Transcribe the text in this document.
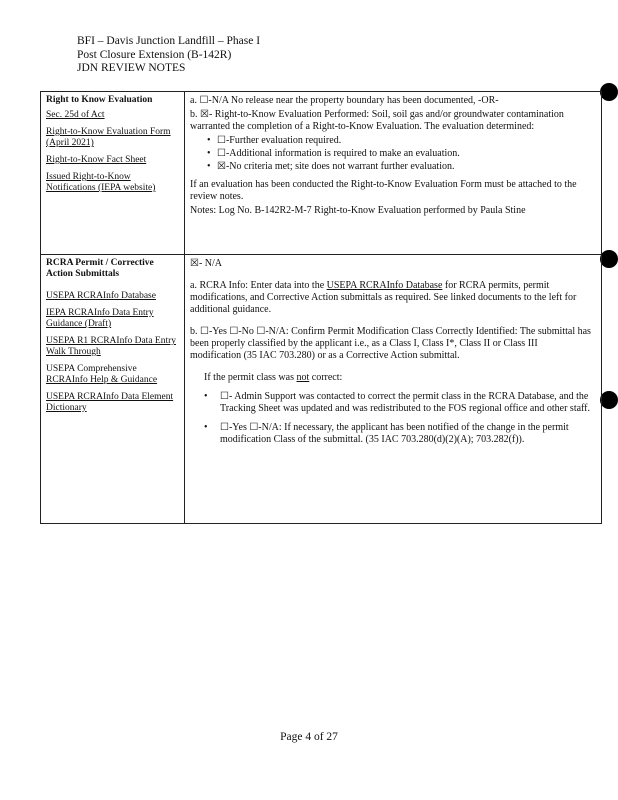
BFI – Davis Junction Landfill – Phase I
Post Closure Extension (B-142R)
JDN REVIEW NOTES
Right to Know Evaluation
Sec. 25d of Act
Right-to-Know Evaluation Form (April 2021)
Right-to-Know Fact Sheet
Issued Right-to-Know Notifications (IEPA website)
a. ☐-N/A No release near the property boundary has been documented, -OR-
b. ☒- Right-to-Know Evaluation Performed: Soil, soil gas and/or groundwater contamination warranted the completion of a Right-to-Know Evaluation. The evaluation determined:
• ☐-Further evaluation required.
• ☐-Additional information is required to make an evaluation.
• ☒-No criteria met; site does not warrant further evaluation.
If an evaluation has been conducted the Right-to-Know Evaluation Form must be attached to the review notes.
Notes: Log No. B-142R2-M-7 Right-to-Know Evaluation performed by Paula Stine
RCRA Permit / Corrective Action Submittals
USEPA RCRAInfo Database
IEPA RCRAInfo Data Entry Guidance (Draft)
USEPA R1 RCRAInfo Data Entry Walk Through
USEPA Comprehensive
RCRAInfo Help & Guidance
USEPA RCRAInfo Data Element Dictionary
☒- N/A
a. RCRA Info: Enter data into the USEPA RCRAInfo Database for RCRA permits, permit modifications, and Corrective Action submittals as required. See linked documents to the left for additional guidance.
b. ☐-Yes ☐-No ☐-N/A: Confirm Permit Modification Class Correctly Identified: The submittal has been properly classified by the applicant i.e., as a Class I, Class I*, Class II or Class III modification (35 IAC 703.280) or as a Corrective Action submittal.
If the permit class was not correct:
•	☐- Admin Support was contacted to correct the permit class in the RCRA Database, and the Tracking Sheet was updated and was redistributed to the FOS regional office and other staff.
•	☐-Yes ☐-N/A: If necessary, the applicant has been notified of the change in the permit modification Class of the submittal. (35 IAC 703.280(d)(2)(A); 703.282(f)).
Page 4 of 27
